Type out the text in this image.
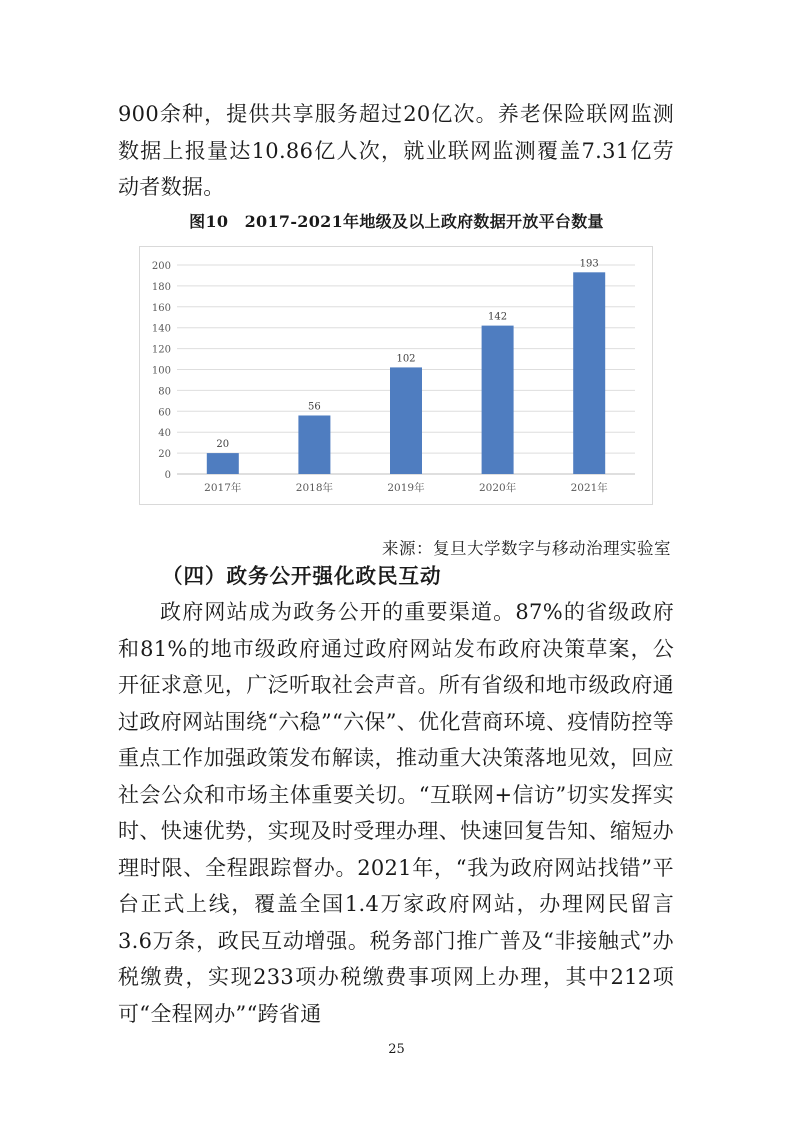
900余种，提供共享服务超过20亿次。养老保险联网监测数据上报量达10.86亿人次，就业联网监测覆盖7.31亿劳动者数据。

图10　2017-2021年地级及以上政府数据开放平台数量
0
20
40
60
80
100
120
140
160
180
200
20
2017年
56
2018年
102
2019年
142
2020年
193
2021年
来源：复旦大学数字与移动治理实验室
（四）政务公开强化政民互动

政府网站成为政务公开的重要渠道。87%的省级政府和81%的地市级政府通过政府网站发布政府决策草案，公开征求意见，广泛听取社会声音。所有省级和地市级政府通过政府网站围绕“六稳”“六保”、优化营商环境、疫情防控等重点工作加强政策发布解读，推动重大决策落地见效，回应社会公众和市场主体重要关切。“互联网+信访”切实发挥实时、快速优势，实现及时受理办理、快速回复告知、缩短办理时限、全程跟踪督办。2021年，“我为政府网站找错”平台正式上线，覆盖全国1.4万家政府网站，办理网民留言3.6万条，政民互动增强。税务部门推广普及“非接触式”办税缴费，实现233项办税缴费事项网上办理，其中212项可“全程网办”“跨省通

25
